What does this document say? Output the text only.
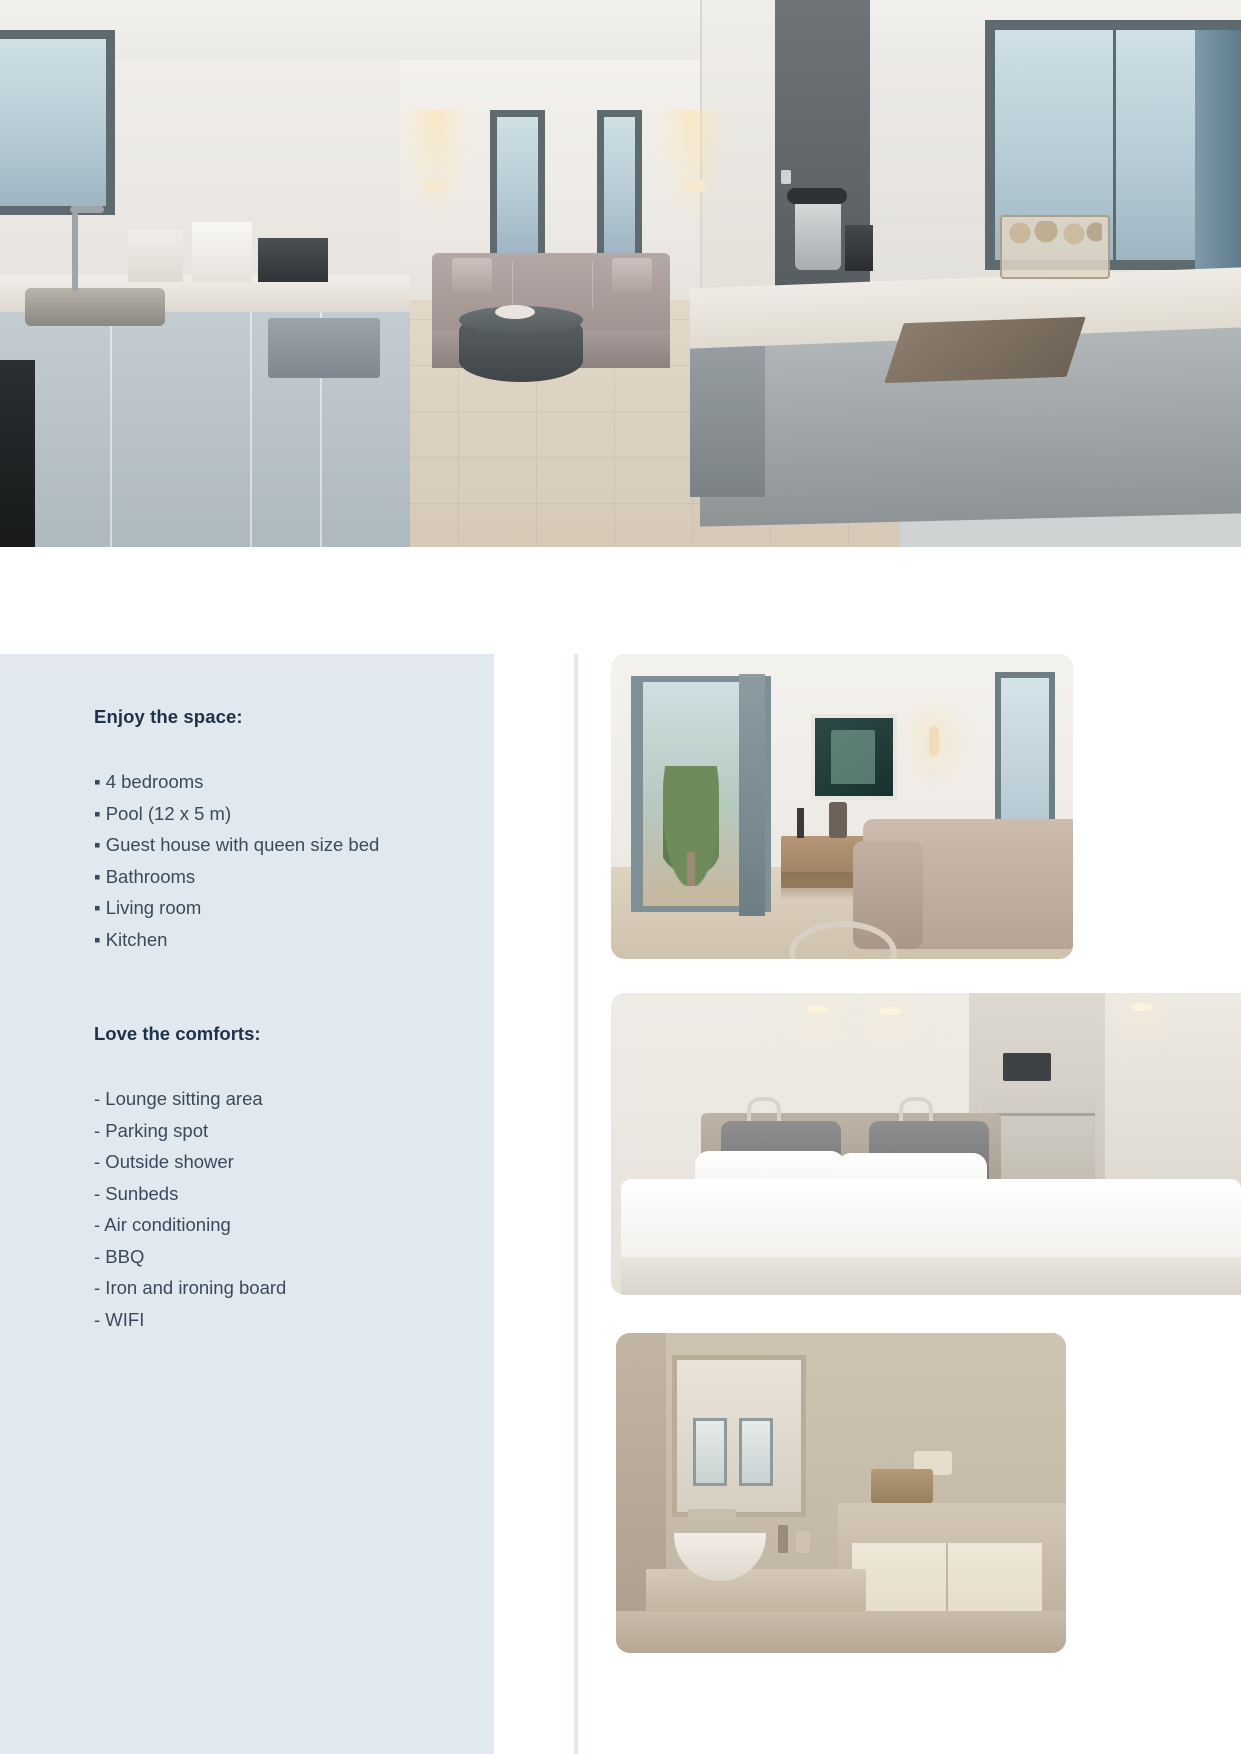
Enjoy the space:
▪ 4 bedrooms
▪ Pool (12 x 5 m)
▪ Guest house with queen size bed
▪ Bathrooms
▪ Living room
▪ Kitchen
Love the comforts:
- Lounge sitting area
- Parking spot
- Outside shower
- Sunbeds
- Air conditioning
- BBQ
- Iron and ironing board
- WIFI
